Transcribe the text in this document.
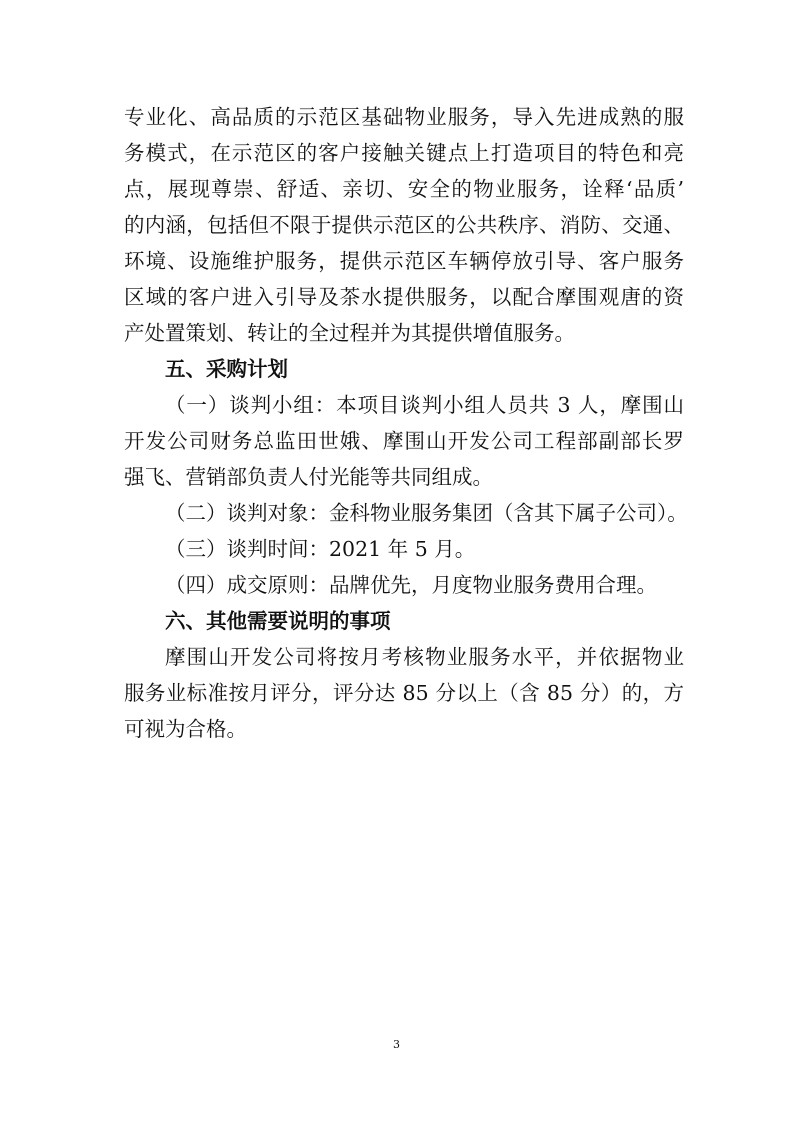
专业化、高品质的示范区基础物业服务，导入先进成熟的服
务模式，在示范区的客户接触关键点上打造项目的特色和亮
点，展现尊崇、舒适、亲切、安全的物业服务，诠释‘品质’
的内涵，包括但不限于提供示范区的公共秩序、消防、交通、
环境、设施维护服务，提供示范区车辆停放引导、客户服务
区域的客户进入引导及茶水提供服务，以配合摩围观唐的资
产处置策划、转让的全过程并为其提供增值服务。
五、采购计划
（一）谈判小组：本项目谈判小组人员共 3 人，摩围山
开发公司财务总监田世娥、摩围山开发公司工程部副部长罗
强飞、营销部负责人付光能等共同组成。
（二）谈判对象：金科物业服务集团（含其下属子公司）。
（三）谈判时间：2021 年 5 月。
（四）成交原则：品牌优先，月度物业服务费用合理。
六、其他需要说明的事项
摩围山开发公司将按月考核物业服务水平，并依据物业
服务业标准按月评分，评分达 85 分以上（含 85 分）的，方
可视为合格。
3
